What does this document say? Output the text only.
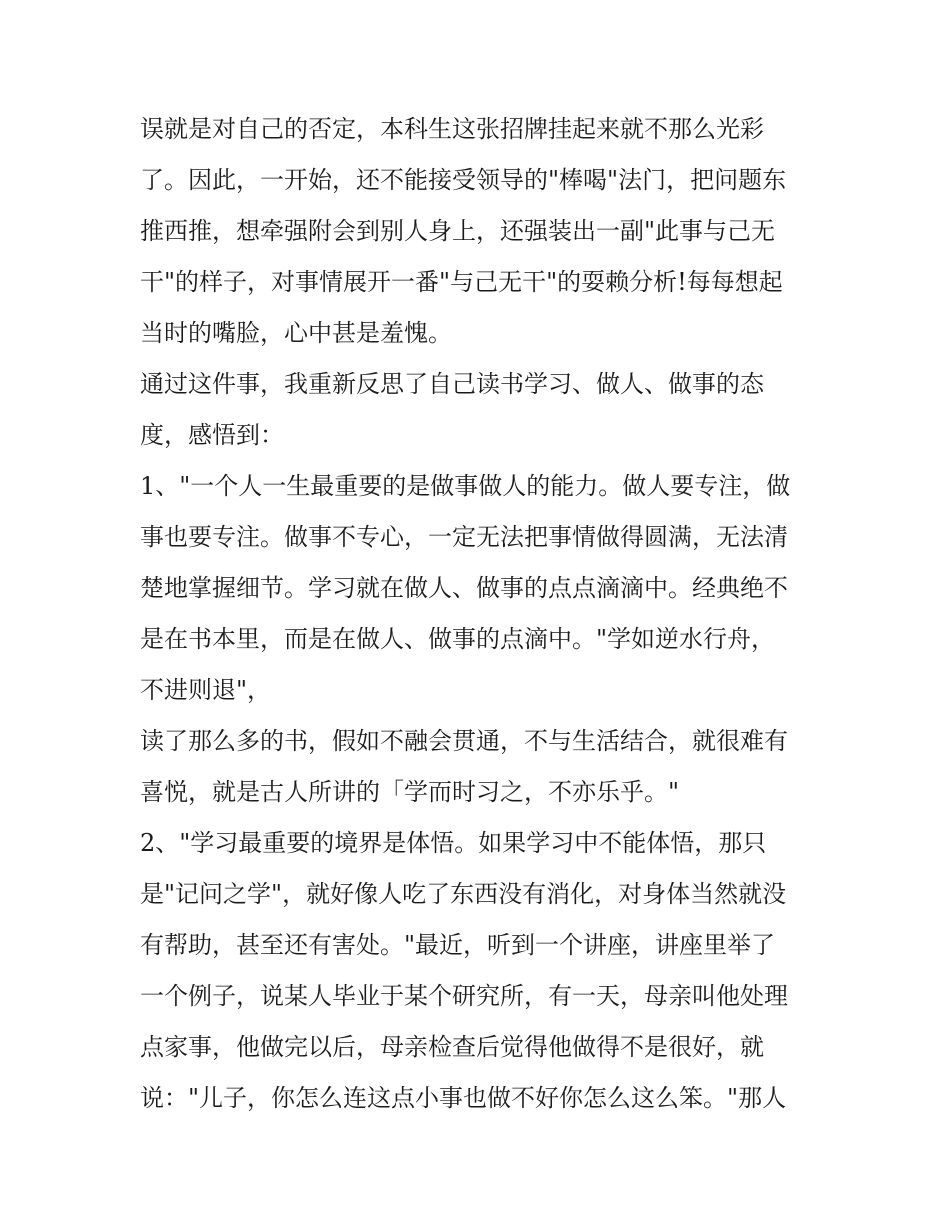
误就是对自己的否定，本科生这张招牌挂起来就不那么光彩
了。因此，一开始，还不能接受领导的"棒喝"法门，把问题东
推西推，想牵强附会到别人身上，还强装出一副"此事与己无
干"的样子，对事情展开一番"与己无干"的耍赖分析!每每想起
当时的嘴脸，心中甚是羞愧。
通过这件事，我重新反思了自己读书学习、做人、做事的态
度，感悟到：
1、"一个人一生最重要的是做事做人的能力。做人要专注，做
事也要专注。做事不专心，一定无法把事情做得圆满，无法清
楚地掌握细节。学习就在做人、做事的点点滴滴中。经典绝不
是在书本里，而是在做人、做事的点滴中。"学如逆水行舟，
不进则退"，
读了那么多的书，假如不融会贯通，不与生活结合，就很难有
喜悦，就是古人所讲的「学而时习之，不亦乐乎。"
2、"学习最重要的境界是体悟。如果学习中不能体悟，那只
是"记问之学"，就好像人吃了东西没有消化，对身体当然就没
有帮助，甚至还有害处。"最近，听到一个讲座，讲座里举了
一个例子，说某人毕业于某个研究所，有一天，母亲叫他处理
点家事，他做完以后，母亲检查后觉得他做得不是很好，就
说："儿子，你怎么连这点小事也做不好你怎么这么笨。"那人
